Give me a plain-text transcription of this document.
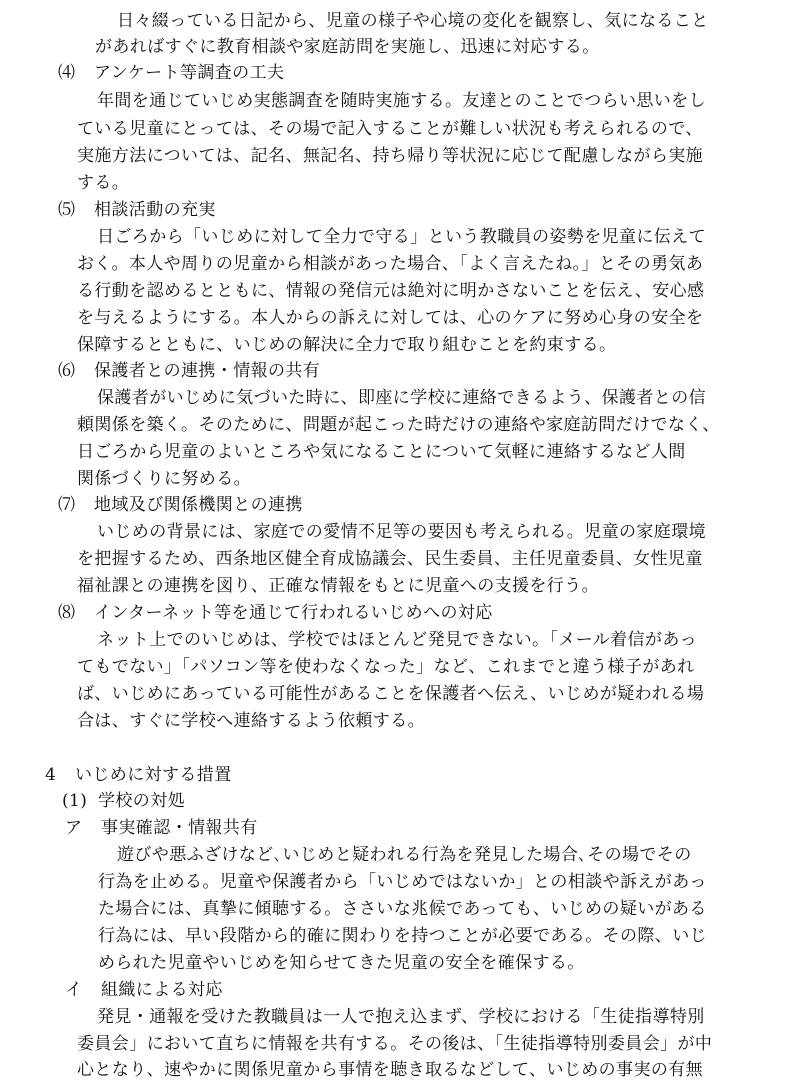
日々綴っている日記から、児童の様子や心境の変化を観察し、気になること
があればすぐに教育相談や家庭訪問を実施し、迅速に対応する。
⑷ アンケート等調査の工夫
年間を通じていじめ実態調査を随時実施する。友達とのことでつらい思いをし
ている児童にとっては、その場で記入することが難しい状況も考えられるので、
実施方法については、記名、無記名、持ち帰り等状況に応じて配慮しながら実施
する。
⑸ 相談活動の充実
日ごろから「いじめに対して全力で守る」という教職員の姿勢を児童に伝えて
おく。本人や周りの児童から相談があった場合、「よく言えたね。」とその勇気あ
る行動を認めるとともに、情報の発信元は絶対に明かさないことを伝え、安心感
を与えるようにする。本人からの訴えに対しては、心のケアに努め心身の安全を
保障するとともに、いじめの解決に全力で取り組むことを約束する。
⑹ 保護者との連携・情報の共有
保護者がいじめに気づいた時に、即座に学校に連絡できるよう、保護者との信
頼関係を築く。そのために、問題が起こった時だけの連絡や家庭訪問だけでなく、
日ごろから児童のよいところや気になることについて気軽に連絡するなど人間
関係づくりに努める。
⑺ 地域及び関係機関との連携
いじめの背景には、家庭での愛情不足等の要因も考えられる。児童の家庭環境
を把握するため、西条地区健全育成協議会、民生委員、主任児童委員、女性児童
福祉課との連携を図り、正確な情報をもとに児童への支援を行う。
⑻ インターネット等を通じて行われるいじめへの対応
ネット上でのいじめは、学校ではほとんど発見できない。「メール着信があっ
てもでない」「パソコン等を使わなくなった」など、これまでと違う様子があれ
ば、いじめにあっている可能性があることを保護者へ伝え、いじめが疑われる場
合は、すぐに学校へ連絡するよう依頼する。
4 いじめに対する措置
(1) 学校の対処
ア 事実確認・情報共有
遊びや悪ふざけなど､いじめと疑われる行為を発見した場合､その場でその
行為を止める。児童や保護者から「いじめではないか」との相談や訴えがあっ
た場合には、真摯に傾聴する。ささいな兆候であっても、いじめの疑いがある
行為には、早い段階から的確に関わりを持つことが必要である。その際、いじ
められた児童やいじめを知らせてきた児童の安全を確保する。
イ 組織による対応
発見・通報を受けた教職員は一人で抱え込まず、学校における「生徒指導特別
委員会」において直ちに情報を共有する。その後は、「生徒指導特別委員会」が中
心となり、速やかに関係児童から事情を聴き取るなどして、いじめの事実の有無
